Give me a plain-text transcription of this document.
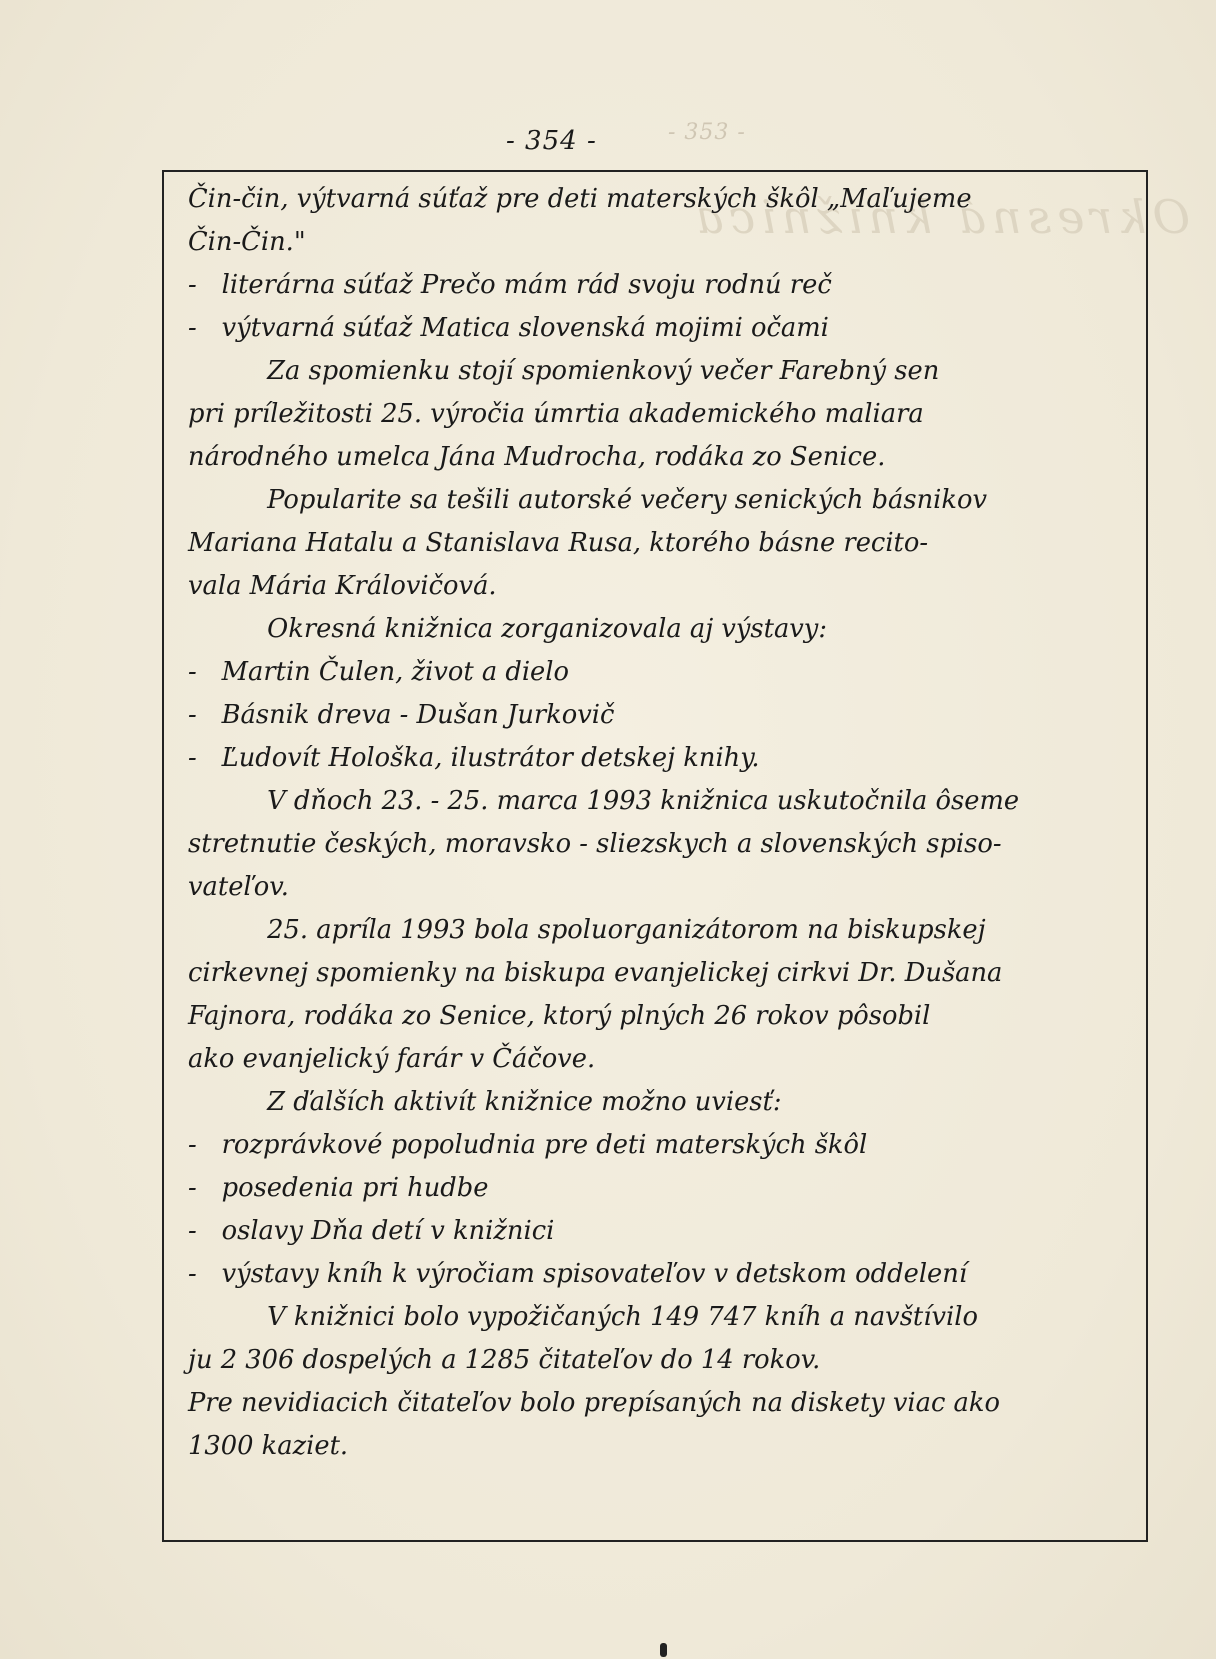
- 353 -
Okresná knižnica
- 354 -
Čin-čin, výtvarná súťaž pre deti materských škôl „Maľujeme
Čin-Čin."
- literárna súťaž Prečo mám rád svoju rodnú reč
- výtvarná súťaž Matica slovenská mojimi očami
Za spomienku stojí spomienkový večer Farebný sen
pri príležitosti 25. výročia úmrtia akademického maliara
národného umelca Jána Mudrocha, rodáka zo Senice.
Popularite sa tešili autorské večery senických básnikov
Mariana Hatalu a Stanislava Rusa, ktorého básne recito-
vala Mária Královičová.
Okresná knižnica zorganizovala aj výstavy:
- Martin Čulen, život a dielo
- Básnik dreva - Dušan Jurkovič
- Ľudovít Hološka, ilustrátor detskej knihy.
V dňoch 23. - 25. marca 1993 knižnica uskutočnila ôseme
stretnutie českých, moravsko - sliezskych a slovenských spiso-
vateľov.
25. apríla 1993 bola spoluorganizátorom na biskupskej
cirkevnej spomienky na biskupa evanjelickej cirkvi Dr. Dušana
Fajnora, rodáka zo Senice, ktorý plných 26 rokov pôsobil
ako evanjelický farár v Čáčove.
Z ďalších aktivít knižnice možno uviesť:
- rozprávkové popoludnia pre deti materských škôl
- posedenia pri hudbe
- oslavy Dňa detí v knižnici
- výstavy kníh k výročiam spisovateľov v detskom oddelení
V knižnici bolo vypožičaných 149 747 kníh a navštívilo
ju 2 306 dospelých a 1285 čitateľov do 14 rokov.
Pre nevidiacich čitateľov bolo prepísaných na diskety viac ako
1300 kaziet.
